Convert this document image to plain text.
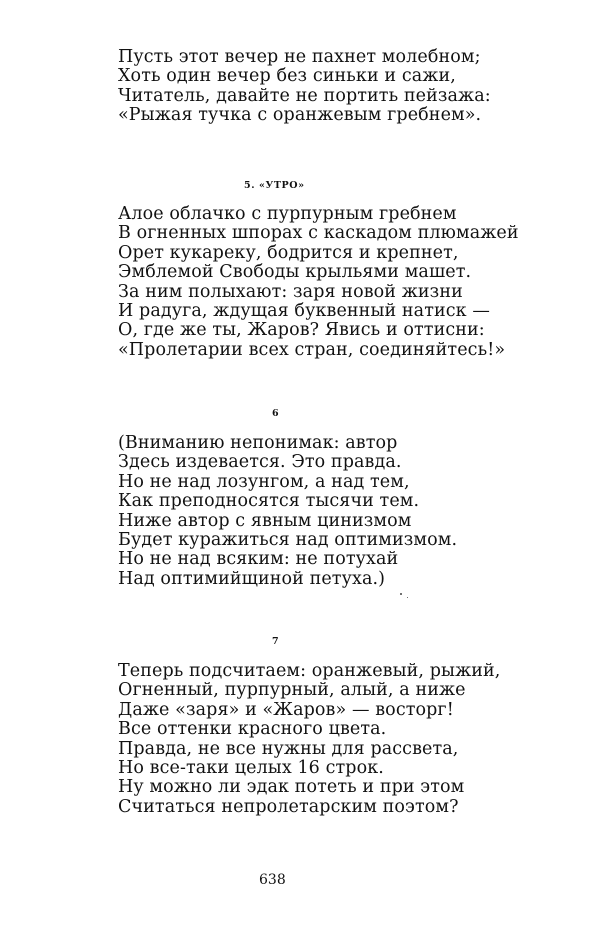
Пусть этот вечер не пахнет молебном;
Хоть один вечер без синьки и сажи,
Читатель, давайте не портить пейзажа:
«Рыжая тучка с оранжевым гребнем».
5. «УТРО»
Алое облачко с пурпурным гребнем
В огненных шпорах с каскадом плюмажей
Орет кукареку, бодрится и крепнет,
Эмблемой Свободы крыльями машет.
За ним полыхают: заря новой жизни
И радуга, ждущая буквенный натиск —
О, где же ты, Жаров? Явись и оттисни:
«Пролетарии всех стран, соединяйтесь!»
6
(Вниманию непонимак: автор
Здесь издевается. Это правда.
Но не над лозунгом, а над тем,
Как преподносятся тысячи тем.
Ниже автор с явным цинизмом
Будет куражиться над оптимизмом.
Но не над всяким: не потухай
Над оптимийщиной петуха.)
7
Теперь подсчитаем: оранжевый, рыжий,
Огненный, пурпурный, алый, а ниже
Даже «заря» и «Жаров» — восторг!
Все оттенки красного цвета.
Правда, не все нужны для рассвета,
Но все-таки целых 16 строк.
Ну можно ли эдак потеть и при этом
Считаться непролетарским поэтом?
638
